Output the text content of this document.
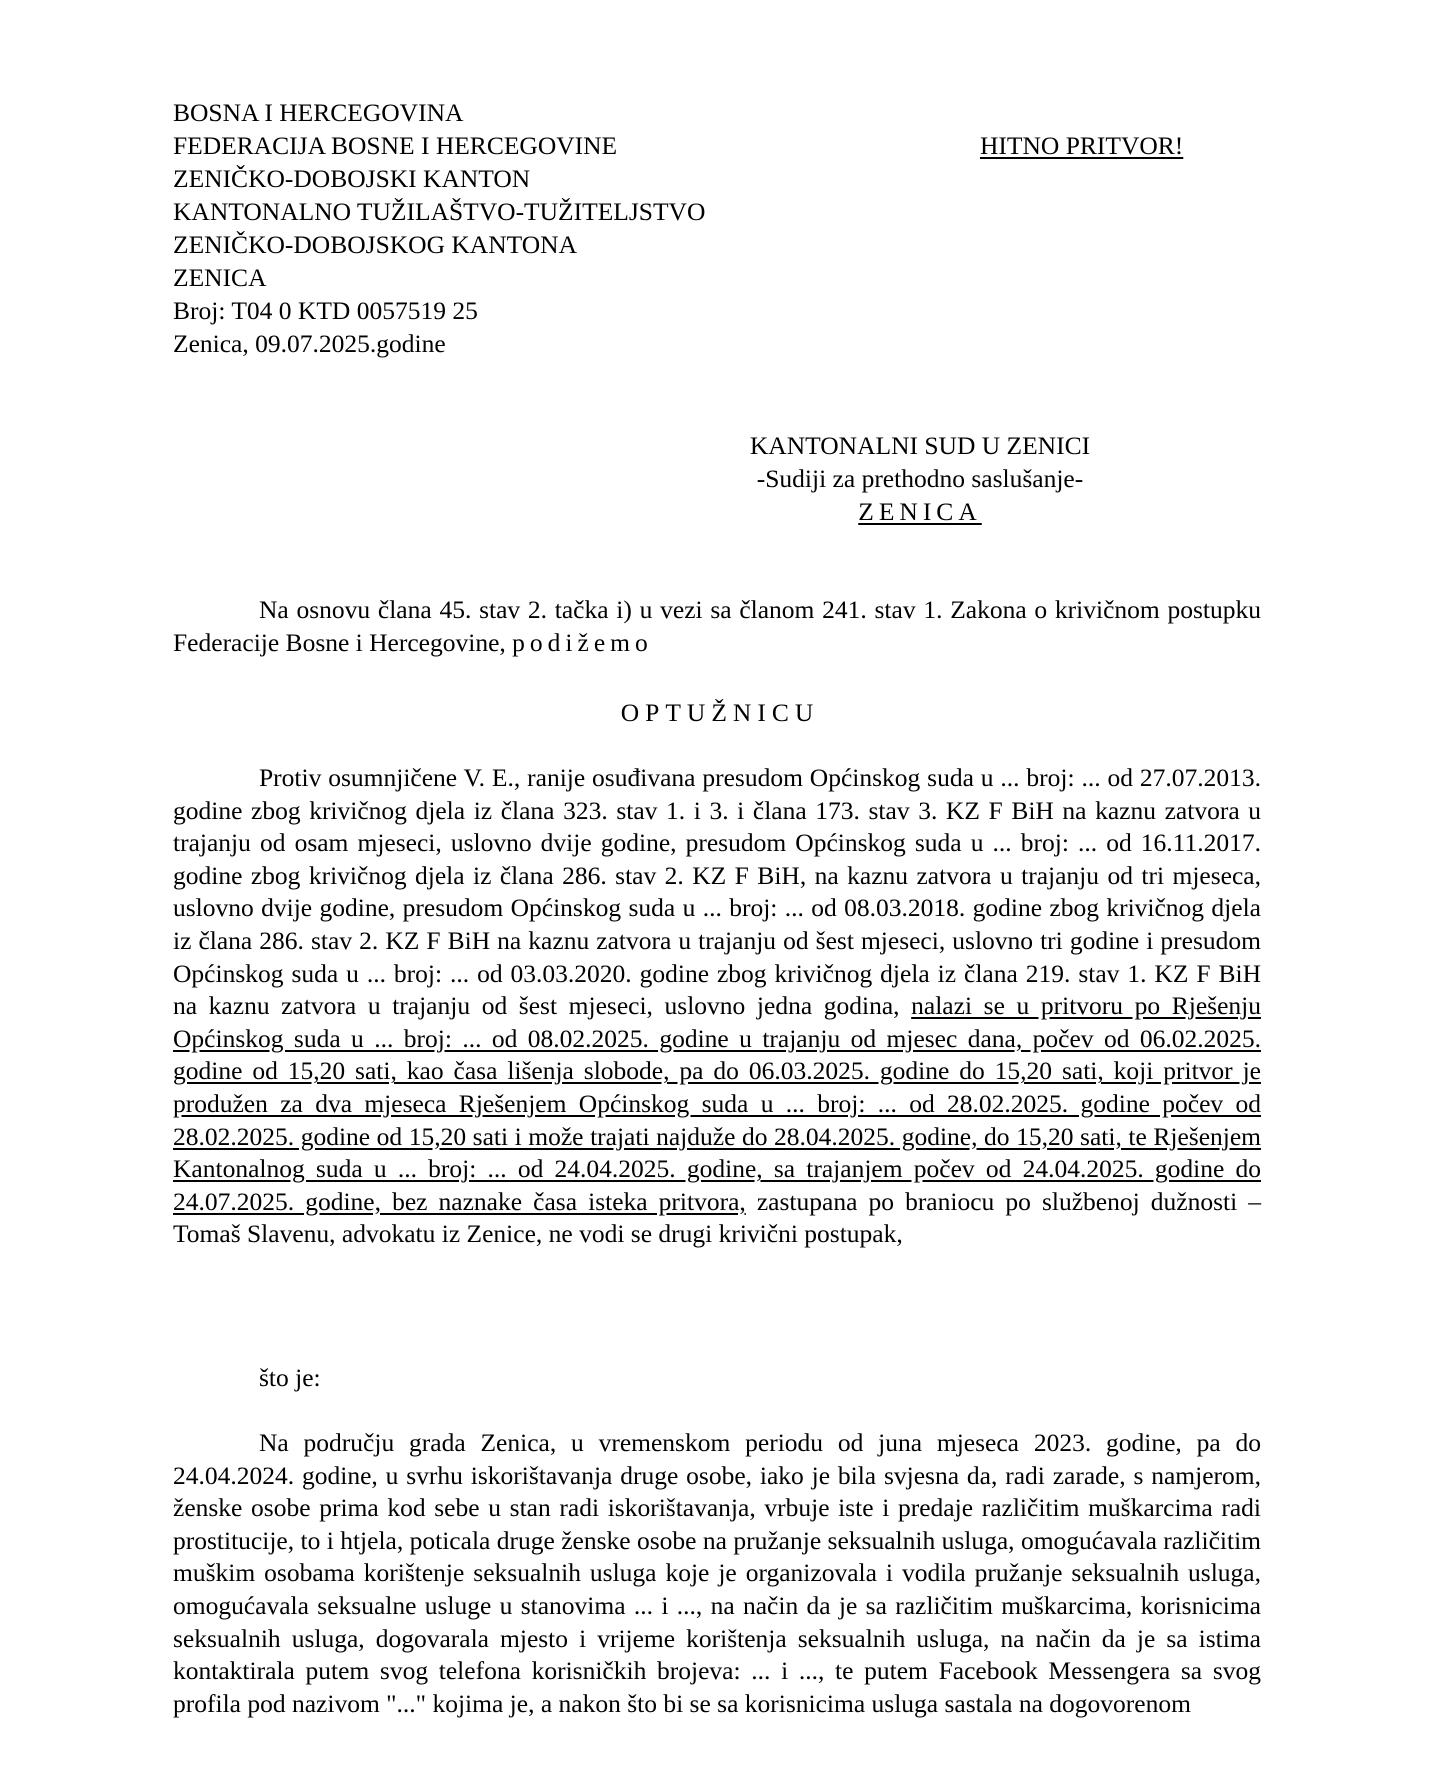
BOSNA I HERCEGOVINA
FEDERACIJA BOSNE I HERCEGOVINE
ZENIČKO-DOBOJSKI KANTON
KANTONALNO TUŽILAŠTVO-TUŽITELJSTVO
ZENIČKO-DOBOJSKOG KANTONA
ZENICA
Broj: T04 0 KTD 0057519 25
Zenica, 09.07.2025.godine
HITNO PRITVOR!
KANTONALNI SUD U ZENICI
-Sudiji za prethodno saslušanje-
ZENICA

Na osnovu člana 45. stav 2. tačka i) u vezi sa članom 241. stav 1. Zakona o krivičnom postupku Federacije Bosne i Hercegovine, podižemo

OPTUŽNICU

Protiv osumnjičene V. E., ranije osuđivana presudom Općinskog suda u ... broj: ... od 27.07.2013. godine zbog krivičnog djela iz člana 323. stav 1. i 3. i člana 173. stav 3. KZ F BiH na kaznu zatvora u trajanju od osam mjeseci, uslovno dvije godine, presudom Općinskog suda u ... broj: ... od 16.11.2017. godine zbog krivičnog djela iz člana 286. stav 2. KZ F BiH, na kaznu zatvora u trajanju od tri mjeseca, uslovno dvije godine, presudom Općinskog suda u ... broj: ... od 08.03.2018. godine zbog krivičnog djela iz člana 286. stav 2. KZ F BiH na kaznu zatvora u trajanju od šest mjeseci, uslovno tri godine i presudom Općinskog suda u ... broj: ... od 03.03.2020. godine zbog krivičnog djela iz člana 219. stav 1. KZ F BiH na kaznu zatvora u trajanju od šest mjeseci, uslovno jedna godina, nalazi se u pritvoru po Rješenju Općinskog suda u ... broj: ... od 08.02.2025. godine u trajanju od mjesec dana, počev od 06.02.2025. godine od 15,20 sati, kao časa lišenja slobode, pa do 06.03.2025. godine do 15,20 sati, koji pritvor je produžen za dva mjeseca Rješenjem Općinskog suda u ... broj: ... od 28.02.2025. godine počev od 28.02.2025. godine od 15,20 sati i može trajati najduže do 28.04.2025. godine, do 15,20 sati, te Rješenjem Kantonalnog suda u ... broj: ... od 24.04.2025. godine, sa trajanjem počev od 24.04.2025. godine do 24.07.2025. godine, bez naznake časa isteka pritvora, zastupana po braniocu po službenoj dužnosti – Tomaš Slavenu, advokatu iz Zenice, ne vodi se drugi krivični postupak,

što je:

Na području grada Zenica, u vremenskom periodu od juna mjeseca 2023. godine, pa do 24.04.2024. godine, u svrhu iskorištavanja druge osobe, iako je bila svjesna da, radi zarade, s namjerom, ženske osobe prima kod sebe u stan radi iskorištavanja, vrbuje iste i predaje različitim muškarcima radi prostitucije, to i htjela, poticala druge ženske osobe na pružanje seksualnih usluga, omogućavala različitim muškim osobama korištenje seksualnih usluga koje je organizovala i vodila pružanje seksualnih usluga, omogućavala seksualne usluge u stanovima ... i ..., na način da je sa različitim muškarcima, korisnicima seksualnih usluga, dogovarala mjesto i vrijeme korištenja seksualnih usluga, na način da je sa istima kontaktirala putem svog telefona korisničkih brojeva: ... i ..., te putem Facebook Messengera sa svog profila pod nazivom "..." kojima je, a nakon što bi se sa korisnicima usluga sastala na dogovorenom
